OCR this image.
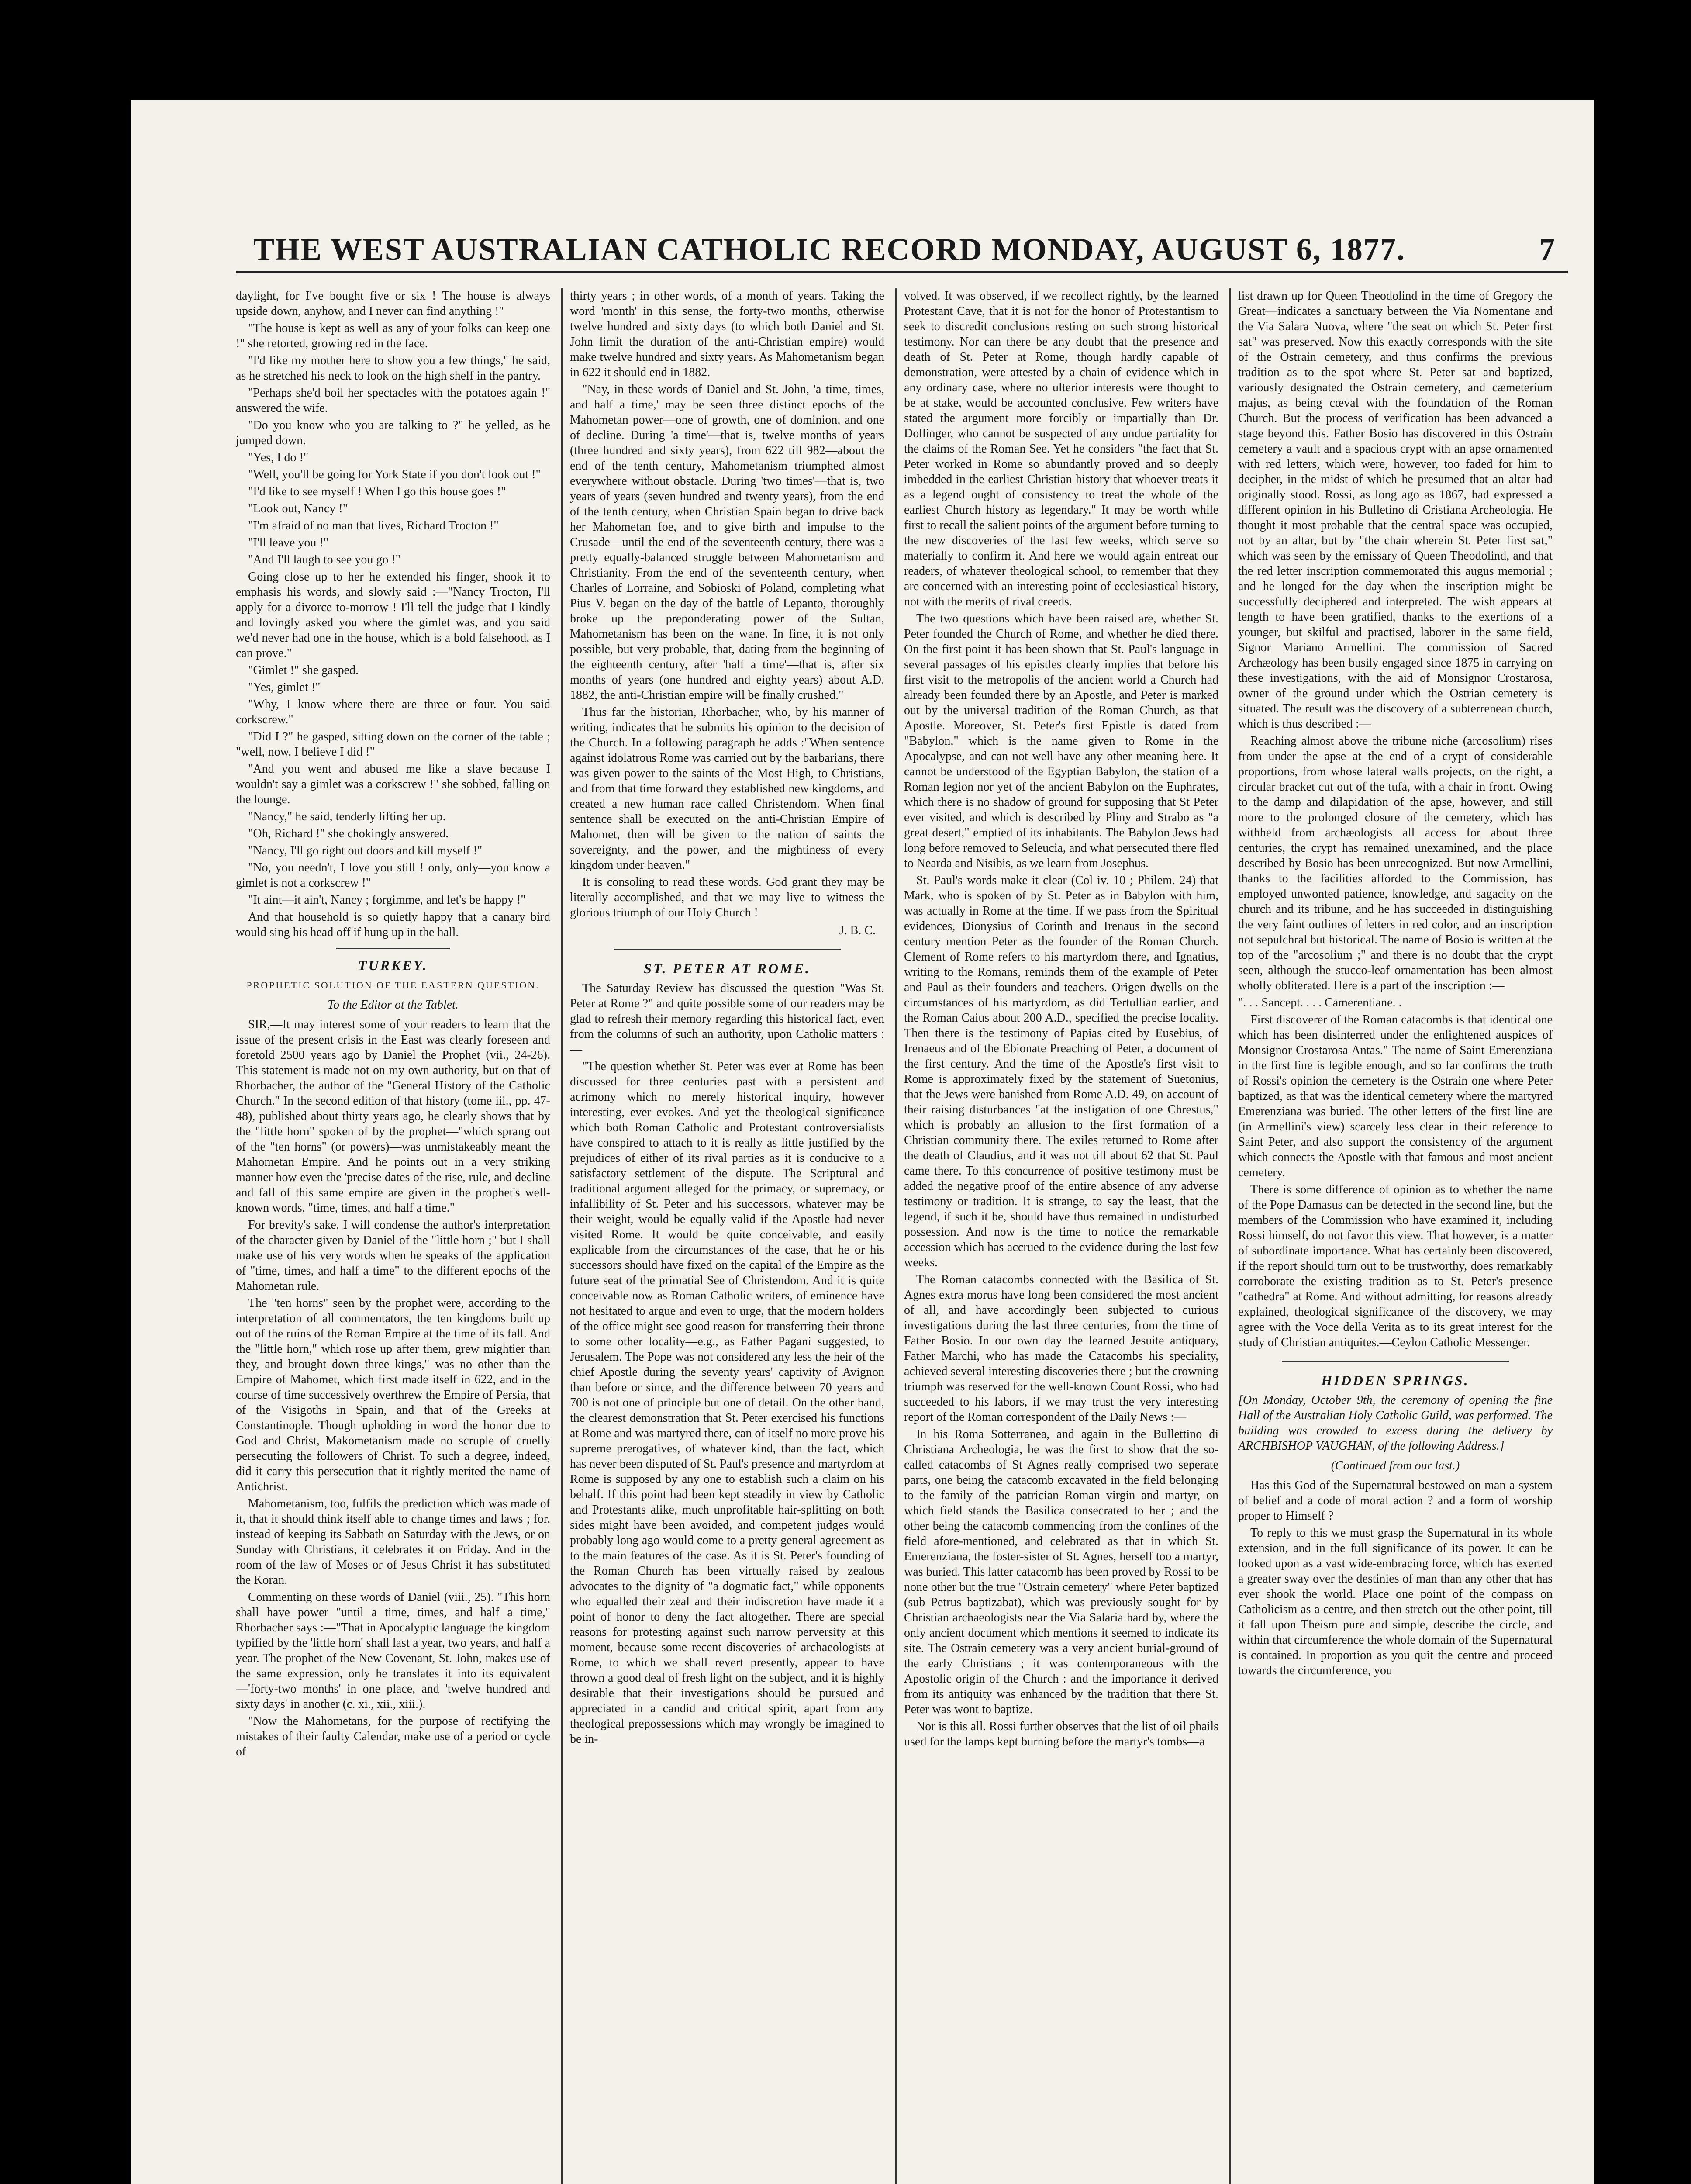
THE WEST AUSTRALIAN CATHOLIC RECORD MONDAY, AUGUST 6, 1877.	7

daylight, for I've bought five or six ! The house is always upside down, anyhow, and I never can find anything !"

"The house is kept as well as any of your folks can keep one !" she retorted, growing red in the face.

"I'd like my mother here to show you a few things," he said, as he stretched his neck to look on the high shelf in the pantry.

"Perhaps she'd boil her spectacles with the potatoes again !" answered the wife.

"Do you know who you are talking to ?" he yelled, as he jumped down.

"Yes, I do !"

"Well, you'll be going for York State if you don't look out !"

"I'd like to see myself ! When I go this house goes !"

"Look out, Nancy !"

"I'm afraid of no man that lives, Richard Trocton !"

"I'll leave you !"

"And I'll laugh to see you go !"

Going close up to her he extended his finger, shook it to emphasis his words, and slowly said :—"Nancy Trocton, I'll apply for a divorce to-morrow ! I'll tell the judge that I kindly and lovingly asked you where the gimlet was, and you said we'd never had one in the house, which is a bold falsehood, as I can prove."

"Gimlet !" she gasped.

"Yes, gimlet !"

"Why, I know where there are three or four. You said corkscrew."

"Did I ?" he gasped, sitting down on the corner of the table ; "well, now, I believe I did !"

"And you went and abused me like a slave because I wouldn't say a gimlet was a corkscrew !" she sobbed, falling on the lounge.

"Nancy," he said, tenderly lifting her up.

"Oh, Richard !" she chokingly answered.

"Nancy, I'll go right out doors and kill myself !"

"No, you needn't, I love you still ! only, only—you know a gimlet is not a corkscrew !"

"It aint—it ain't, Nancy ; forgimme, and let's be happy !"

And that household is so quietly happy that a canary bird would sing his head off if hung up in the hall.

TURKEY.
PROPHETIC SOLUTION OF THE EASTERN QUESTION.
To the Editor ot the Tablet.

SIR,—It may interest some of your readers to learn that the issue of the present crisis in the East was clearly foreseen and foretold 2500 years ago by Daniel the Prophet (vii., 24-26). This statement is made not on my own authority, but on that of Rhorbacher, the author of the "General History of the Catholic Church." In the second edition of that history (tome iii., pp. 47-48), published about thirty years ago, he clearly shows that by the "little horn" spoken of by the prophet—"which sprang out of the "ten horns" (or powers)—was unmistakeably meant the Mahometan Empire. And he points out in a very striking manner how even the 'precise dates of the rise, rule, and decline and fall of this same empire are given in the prophet's well-known words, "time, times, and half a time."

For brevity's sake, I will condense the author's interpretation of the character given by Daniel of the "little horn ;" but I shall make use of his very words when he speaks of the application of "time, times, and half a time" to the different epochs of the Mahometan rule.

The "ten horns" seen by the prophet were, according to the interpretation of all commentators, the ten kingdoms built up out of the ruins of the Roman Empire at the time of its fall. And the "little horn," which rose up after them, grew mightier than they, and brought down three kings," was no other than the Empire of Mahomet, which first made itself in 622, and in the course of time successively overthrew the Empire of Persia, that of the Visigoths in Spain, and that of the Greeks at Constantinople. Though upholding in word the honor due to God and Christ, Makometanism made no scruple of cruelly persecuting the followers of Christ. To such a degree, indeed, did it carry this persecution that it rightly merited the name of Antichrist.

Mahometanism, too, fulfils the prediction which was made of it, that it should think itself able to change times and laws ; for, instead of keeping its Sabbath on Saturday with the Jews, or on Sunday with Christians, it celebrates it on Friday. And in the room of the law of Moses or of Jesus Christ it has substituted the Koran.

Commenting on these words of Daniel (viii., 25). "This horn shall have power "until a time, times, and half a time," Rhorbacher says :—"That in Apocalyptic language the kingdom typified by the 'little horn' shall last a year, two years, and half a year. The prophet of the New Covenant, St. John, makes use of the same expression, only he translates it into its equivalent—'forty-two months' in one place, and 'twelve hundred and sixty days' in another (c. xi., xii., xiii.).

"Now the Mahometans, for the purpose of rectifying the mistakes of their faulty Calendar, make use of a period or cycle of

thirty years ; in other words, of a month of years. Taking the word 'month' in this sense, the forty-two months, otherwise twelve hundred and sixty days (to which both Daniel and St. John limit the duration of the anti-Christian empire) would make twelve hundred and sixty years. As Mahometanism began in 622 it should end in 1882.

"Nay, in these words of Daniel and St. John, 'a time, times, and half a time,' may be seen three distinct epochs of the Mahometan power—one of growth, one of dominion, and one of decline. During 'a time'—that is, twelve months of years (three hundred and sixty years), from 622 till 982—about the end of the tenth century, Mahometanism triumphed almost everywhere without obstacle. During 'two times'—that is, two years of years (seven hundred and twenty years), from the end of the tenth century, when Christian Spain began to drive back her Mahometan foe, and to give birth and impulse to the Crusade—until the end of the seventeenth century, there was a pretty equally-balanced struggle between Mahometanism and Christianity. From the end of the seventeenth century, when Charles of Lorraine, and Sobioski of Poland, completing what Pius V. began on the day of the battle of Lepanto, thoroughly broke up the preponderating power of the Sultan, Mahometanism has been on the wane. In fine, it is not only possible, but very probable, that, dating from the beginning of the eighteenth century, after 'half a time'—that is, after six months of years (one hundred and eighty years) about A.D. 1882, the anti-Christian empire will be finally crushed."

Thus far the historian, Rhorbacher, who, by his manner of writing, indicates that he submits his opinion to the decision of the Church. In a following paragraph he adds :"When sentence against idolatrous Rome was carried out by the barbarians, there was given power to the saints of the Most High, to Christians, and from that time forward they established new kingdoms, and created a new human race called Christendom. When final sentence shall be executed on the anti-Christian Empire of Mahomet, then will be given to the nation of saints the sovereignty, and the power, and the mightiness of every kingdom under heaven."

It is consoling to read these words. God grant they may be literally accomplished, and that we may live to witness the glorious triumph of our Holy Church !

J. B. C.
ST. PETER AT ROME.

The Saturday Review has discussed the question "Was St. Peter at Rome ?" and quite possible some of our readers may be glad to refresh their memory regarding this historical fact, even from the columns of such an authority, upon Catholic matters :—

"The question whether St. Peter was ever at Rome has been discussed for three centuries past with a persistent and acrimony which no merely historical inquiry, however interesting, ever evokes. And yet the theological significance which both Roman Catholic and Protestant controversialists have conspired to attach to it is really as little justified by the prejudices of either of its rival parties as it is conducive to a satisfactory settlement of the dispute. The Scriptural and traditional argument alleged for the primacy, or supremacy, or infallibility of St. Peter and his successors, whatever may be their weight, would be equally valid if the Apostle had never visited Rome. It would be quite conceivable, and easily explicable from the circumstances of the case, that he or his successors should have fixed on the capital of the Empire as the future seat of the primatial See of Christendom. And it is quite conceivable now as Roman Catholic writers, of eminence have not hesitated to argue and even to urge, that the modern holders of the office might see good reason for transferring their throne to some other locality—e.g., as Father Pagani suggested, to Jerusalem. The Pope was not considered any less the heir of the chief Apostle during the seventy years' captivity of Avignon than before or since, and the difference between 70 years and 700 is not one of principle but one of detail. On the other hand, the clearest demonstration that St. Peter exercised his functions at Rome and was martyred there, can of itself no more prove his supreme prerogatives, of whatever kind, than the fact, which has never been disputed of St. Paul's presence and martyrdom at Rome is supposed by any one to establish such a claim on his behalf. If this point had been kept steadily in view by Catholic and Protestants alike, much unprofitable hair-splitting on both sides might have been avoided, and competent judges would probably long ago would come to a pretty general agreement as to the main features of the case. As it is St. Peter's founding of the Roman Church has been virtually raised by zealous advocates to the dignity of "a dogmatic fact," while opponents who equalled their zeal and their indiscretion have made it a point of honor to deny the fact altogether. There are special reasons for protesting against such narrow perversity at this moment, because some recent discoveries of archaeologists at Rome, to which we shall revert presently, appear to have thrown a good deal of fresh light on the subject, and it is highly desirable that their investigations should be pursued and appreciated in a candid and critical spirit, apart from any theological prepossessions which may wrongly be imagined to be in-

volved. It was observed, if we recollect rightly, by the learned Protestant Cave, that it is not for the honor of Protestantism to seek to discredit conclusions resting on such strong historical testimony. Nor can there be any doubt that the presence and death of St. Peter at Rome, though hardly capable of demonstration, were attested by a chain of evidence which in any ordinary case, where no ulterior interests were thought to be at stake, would be accounted conclusive. Few writers have stated the argument more forcibly or impartially than Dr. Dollinger, who cannot be suspected of any undue partiality for the claims of the Roman See. Yet he considers "the fact that St. Peter worked in Rome so abundantly proved and so deeply imbedded in the earliest Christian history that whoever treats it as a legend ought of consistency to treat the whole of the earliest Church history as legendary." It may be worth while first to recall the salient points of the argument before turning to the new discoveries of the last few weeks, which serve so materially to confirm it. And here we would again entreat our readers, of whatever theological school, to remember that they are concerned with an interesting point of ecclesiastical history, not with the merits of rival creeds.

The two questions which have been raised are, whether St. Peter founded the Church of Rome, and whether he died there. On the first point it has been shown that St. Paul's language in several passages of his epistles clearly implies that before his first visit to the metropolis of the ancient world a Church had already been founded there by an Apostle, and Peter is marked out by the universal tradition of the Roman Church, as that Apostle. Moreover, St. Peter's first Epistle is dated from "Babylon," which is the name given to Rome in the Apocalypse, and can not well have any other meaning here. It cannot be understood of the Egyptian Babylon, the station of a Roman legion nor yet of the ancient Babylon on the Euphrates, which there is no shadow of ground for supposing that St Peter ever visited, and which is described by Pliny and Strabo as "a great desert," emptied of its inhabitants. The Babylon Jews had long before removed to Seleucia, and what persecuted there fled to Nearda and Nisibis, as we learn from Josephus.

St. Paul's words make it clear (Col iv. 10 ; Philem. 24) that Mark, who is spoken of by St. Peter as in Babylon with him, was actually in Rome at the time. If we pass from the Spiritual evidences, Dionysius of Corinth and Irenaus in the second century mention Peter as the founder of the Roman Church. Clement of Rome refers to his martyrdom there, and Ignatius, writing to the Romans, reminds them of the example of Peter and Paul as their founders and teachers. Origen dwells on the circumstances of his martyrdom, as did Tertullian earlier, and the Roman Caius about 200 A.D., specified the precise locality. Then there is the testimony of Papias cited by Eusebius, of Irenaeus and of the Ebionate Preaching of Peter, a document of the first century. And the time of the Apostle's first visit to Rome is approximately fixed by the statement of Suetonius, that the Jews were banished from Rome A.D. 49, on account of their raising disturbances "at the instigation of one Chrestus," which is probably an allusion to the first formation of a Christian community there. The exiles returned to Rome after the death of Claudius, and it was not till about 62 that St. Paul came there. To this concurrence of positive testimony must be added the negative proof of the entire absence of any adverse testimony or tradition. It is strange, to say the least, that the legend, if such it be, should have thus remained in undisturbed possession. And now is the time to notice the remarkable accession which has accrued to the evidence during the last few weeks.

The Roman catacombs connected with the Basilica of St. Agnes extra morus have long been considered the most ancient of all, and have accordingly been subjected to curious investigations during the last three centuries, from the time of Father Bosio. In our own day the learned Jesuite antiquary, Father Marchi, who has made the Catacombs his speciality, achieved several interesting discoveries there ; but the crowning triumph was reserved for the well-known Count Rossi, who had succeeded to his labors, if we may trust the very interesting report of the Roman correspondent of the Daily News :—

In his Roma Sotterranea, and again in the Bullettino di Christiana Archeologia, he was the first to show that the so-called catacombs of St Agnes really comprised two seperate parts, one being the catacomb excavated in the field belonging to the family of the patrician Roman virgin and martyr, on which field stands the Basilica consecrated to her ; and the other being the catacomb commencing from the confines of the field afore-mentioned, and celebrated as that in which St. Emerenziana, the foster-sister of St. Agnes, herself too a martyr, was buried. This latter catacomb has been proved by Rossi to be none other but the true "Ostrain cemetery" where Peter baptized (sub Petrus baptizabat), which was previously sought for by Christian archaeologists near the Via Salaria hard by, where the only ancient document which mentions it seemed to indicate its site. The Ostrain cemetery was a very ancient burial-ground of the early Christians ; it was contemporaneous with the Apostolic origin of the Church : and the importance it derived from its antiquity was enhanced by the tradition that there St. Peter was wont to baptize.

Nor is this all. Rossi further observes that the list of oil phails used for the lamps kept burning before the martyr's tombs—a

list drawn up for Queen Theodolind in the time of Gregory the Great—indicates a sanctuary between the Via Nomentane and the Via Salara Nuova, where "the seat on which St. Peter first sat" was preserved. Now this exactly corresponds with the site of the Ostrain cemetery, and thus confirms the previous tradition as to the spot where St. Peter sat and baptized, variously designated the Ostrain cemetery, and cæmeterium majus, as being cœval with the foundation of the Roman Church. But the process of verification has been advanced a stage beyond this. Father Bosio has discovered in this Ostrain cemetery a vault and a spacious crypt with an apse ornamented with red letters, which were, however, too faded for him to decipher, in the midst of which he presumed that an altar had originally stood. Rossi, as long ago as 1867, had expressed a different opinion in his Bulletino di Cristiana Archeologia. He thought it most probable that the central space was occupied, not by an altar, but by "the chair wherein St. Peter first sat," which was seen by the emissary of Queen Theodolind, and that the red letter inscription commemorated this augus memorial ; and he longed for the day when the inscription might be successfully deciphered and interpreted. The wish appears at length to have been gratified, thanks to the exertions of a younger, but skilful and practised, laborer in the same field, Signor Mariano Armellini. The commission of Sacred Archæology has been busily engaged since 1875 in carrying on these investigations, with the aid of Monsignor Crostarosa, owner of the ground under which the Ostrian cemetery is situated. The result was the discovery of a subterrenean church, which is thus described :—

Reaching almost above the tribune niche (arcosolium) rises from under the apse at the end of a crypt of considerable proportions, from whose lateral walls projects, on the right, a circular bracket cut out of the tufa, with a chair in front. Owing to the damp and dilapidation of the apse, however, and still more to the prolonged closure of the cemetery, which has withheld from archæologists all access for about three centuries, the crypt has remained unexamined, and the place described by Bosio has been unrecognized. But now Armellini, thanks to the facilities afforded to the Commission, has employed unwonted patience, knowledge, and sagacity on the church and its tribune, and he has succeeded in distinguishing the very faint outlines of letters in red color, and an inscription not sepulchral but historical. The name of Bosio is written at the top of the "arcosolium ;" and there is no doubt that the crypt seen, although the stucco-leaf ornamentation has been almost wholly obliterated. Here is a part of the inscription :—

". . . Sancept. . . . Camerentiane. .

First discoverer of the Roman catacombs is that identical one which has been disinterred under the enlightened auspices of Monsignor Crostarosa Antas." The name of Saint Emerenziana in the first line is legible enough, and so far confirms the truth of Rossi's opinion the cemetery is the Ostrain one where Peter baptized, as that was the identical cemetery where the martyred Emerenziana was buried. The other letters of the first line are (in Armellini's view) scarcely less clear in their reference to Saint Peter, and also support the consistency of the argument which connects the Apostle with that famous and most ancient cemetery.

There is some difference of opinion as to whether the name of the Pope Damasus can be detected in the second line, but the members of the Commission who have examined it, including Rossi himself, do not favor this view. That however, is a matter of subordinate importance. What has certainly been discovered, if the report should turn out to be trustworthy, does remarkably corroborate the existing tradition as to St. Peter's presence "cathedra" at Rome. And without admitting, for reasons already explained, theological significance of the discovery, we may agree with the Voce della Verita as to its great interest for the study of Christian antiquites.—Ceylon Catholic Messenger.

HIDDEN SPRINGS.
[On Monday, October 9th, the ceremony of opening the fine Hall of the Australian Holy Catholic Guild, was performed. The building was crowded to excess during the delivery by ARCHBISHOP VAUGHAN, of the following Address.]
(Continued from our last.)

Has this God of the Supernatural bestowed on man a system of belief and a code of moral action ? and a form of worship proper to Himself ?

To reply to this we must grasp the Supernatural in its whole extension, and in the full significance of its power. It can be looked upon as a vast wide-embracing force, which has exerted a greater sway over the destinies of man than any other that has ever shook the world. Place one point of the compass on Catholicism as a centre, and then stretch out the other point, till it fall upon Theism pure and simple, describe the circle, and within that circumference the whole domain of the Supernatural is contained. In proportion as you quit the centre and proceed towards the circumference, you
